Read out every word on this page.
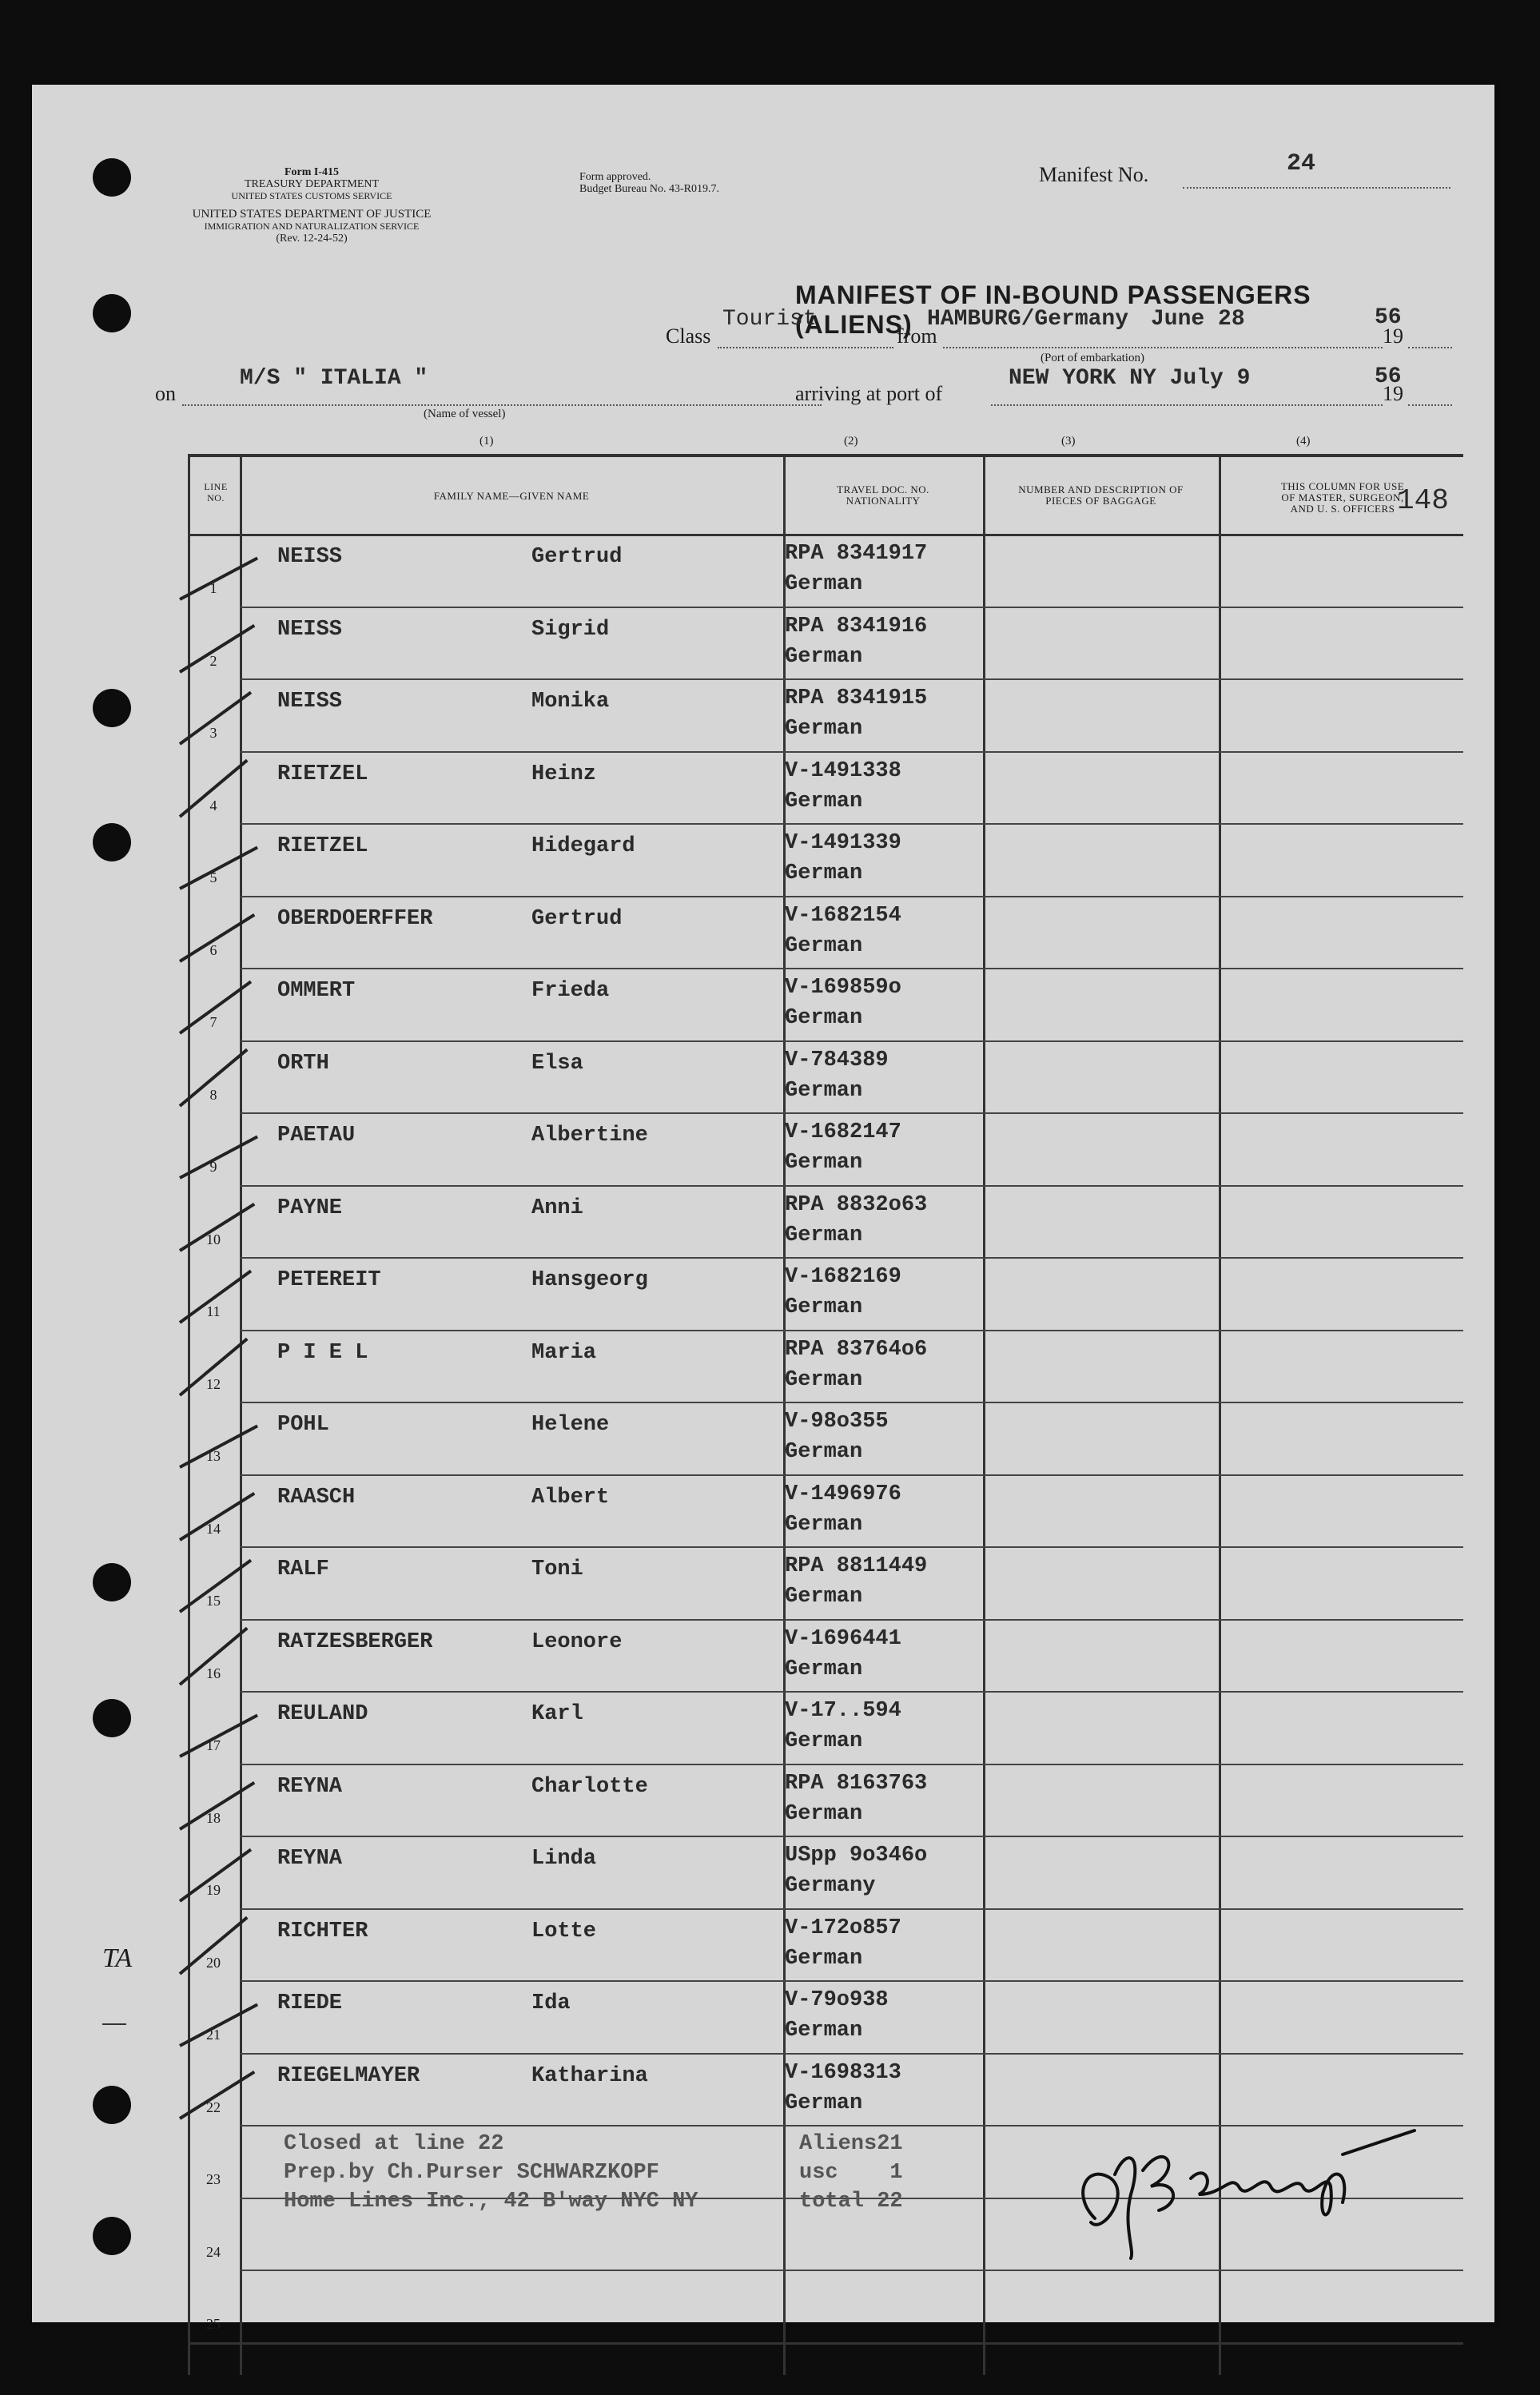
Form I-415
TREASURY DEPARTMENT
UNITED STATES CUSTOMS SERVICE
UNITED STATES DEPARTMENT OF JUSTICE
IMMIGRATION AND NATURALIZATION SERVICE
(Rev. 12-24-52)
Form approved.
Budget Bureau No. 43-R019.7.
Manifest No.	24
MANIFEST OF IN-BOUND PASSENGERS (ALIENS)
Class
Tourist
from
HAMBURG/Germany June 28
19
56
(Port of embarkation)
on
M/S " ITALIA "
(Name of vessel)
arriving at port of
NEW YORK NY July 9
19
56
(1)	(2)	(3)	(4)
148
LINE NO.	FAMILY NAME—GIVEN NAME
TRAVEL DOC. NO.
NATIONALITY
NUMBER AND DESCRIPTION OF
PIECES OF BAGGAGE
THIS COLUMN FOR USE
OF MASTER, SURGEON,
AND U. S. OFFICERS
1
NEISS	Gertrud	RPA 8341917
German
2
NEISS	Sigrid	RPA 8341916
German
3
NEISS	Monika	RPA 8341915
German
4
RIETZEL	Heinz	V-1491338
German
5
RIETZEL	Hidegard	V-1491339
German
6
OBERDOERFFER	Gertrud	V-1682154
German
7
OMMERT	Frieda	V-169859o
German
8
ORTH	Elsa	V-784389
German
9
PAETAU	Albertine	V-1682147
German
10
PAYNE	Anni	RPA 8832o63
German
11
PETEREIT	Hansgeorg	V-1682169
German
12
P I E L	Maria	RPA 83764o6
German
13
POHL	Helene	V-98o355
German
14
RAASCH	Albert	V-1496976
German
15
RALF	Toni	RPA 8811449
German
16
RATZESBERGER	Leonore	V-1696441
German
17
REULAND	Karl	V-17..594
German
18
REYNA	Charlotte	RPA 8163763
German
19
REYNA	Linda	USpp 9o346o
Germany
20
RICHTER	Lotte	V-172o857
German
21
RIEDE	Ida	V-79o938
German
22
RIEGELMAYER	Katharina	V-1698313
German
23
24
25
Closed at line 22
Prep.by Ch.Purser SCHWARZKOPF
Home Lines Inc., 42 B'way NYC NY
Aliens21
usc    1
total 22
TA
